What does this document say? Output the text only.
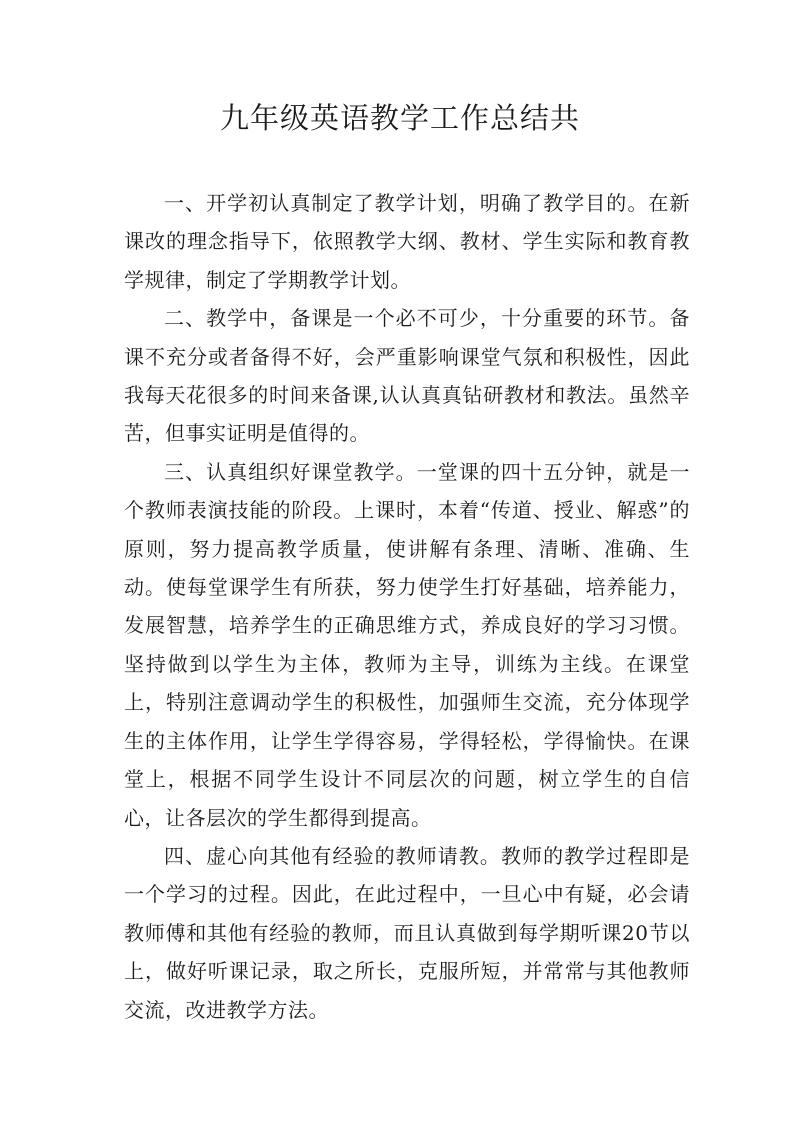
九年级英语教学工作总结共

一、开学初认真制定了教学计划，明确了教学目的。在新课改的理念指导下，依照教学大纲、教材、学生实际和教育教学规律，制定了学期教学计划。

二、教学中，备课是一个必不可少，十分重要的环节。备课不充分或者备得不好，会严重影响课堂气氛和积极性，因此我每天花很多的时间来备课,认认真真钻研教材和教法。虽然辛苦，但事实证明是值得的。

三、认真组织好课堂教学。一堂课的四十五分钟，就是一个教师表演技能的阶段。上课时，本着“传道、授业、解惑”的原则，努力提高教学质量，使讲解有条理、清晰、准确、生动。使每堂课学生有所获，努力使学生打好基础，培养能力，发展智慧，培养学生的正确思维方式，养成良好的学习习惯。坚持做到以学生为主体，教师为主导，训练为主线。在课堂上，特别注意调动学生的积极性，加强师生交流，充分体现学生的主体作用，让学生学得容易，学得轻松，学得愉快。在课堂上，根据不同学生设计不同层次的问题，树立学生的自信心，让各层次的学生都得到提高。

四、虚心向其他有经验的教师请教。教师的教学过程即是一个学习的过程。因此，在此过程中，一旦心中有疑，必会请教师傅和其他有经验的教师，而且认真做到每学期听课20节以上，做好听课记录，取之所长，克服所短，并常常与其他教师交流，改进教学方法。
